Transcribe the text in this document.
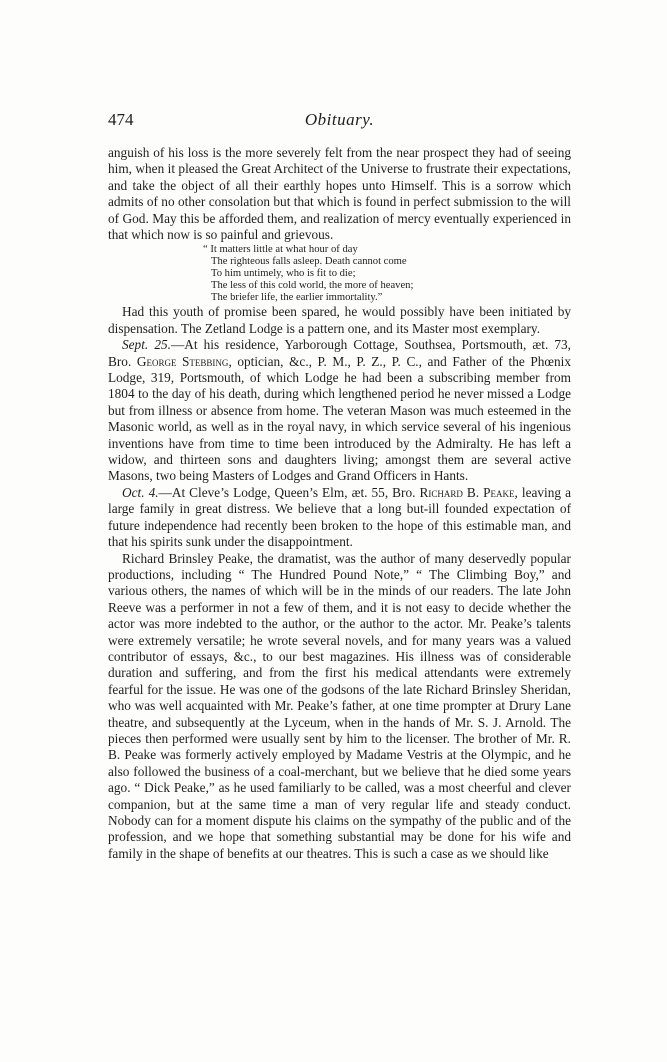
474	Obituary.

anguish of his loss is the more severely felt from the near prospect they had of seeing him, when it pleased the Great Architect of the Universe to frustrate their expectations, and take the object of all their earthly hopes unto Himself. This is a sorrow which admits of no other consolation but that which is found in perfect submission to the will of God. May this be afforded them, and realization of mercy eventually experienced in that which now is so painful and grievous.

“ It matters little at what hour of day
The righteous falls asleep. Death cannot come
To him untimely, who is fit to die;
The less of this cold world, the more of heaven;
The briefer life, the earlier immortality.”

Had this youth of promise been spared, he would possibly have been initiated by dispensation. The Zetland Lodge is a pattern one, and its Master most exemplary.

Sept. 25.—At his residence, Yarborough Cottage, Southsea, Portsmouth, æt. 73, Bro. George Stebbing, optician, &c., P. M., P. Z., P. C., and Father of the Phœnix Lodge, 319, Portsmouth, of which Lodge he had been a subscribing member from 1804 to the day of his death, during which lengthened period he never missed a Lodge but from illness or absence from home. The veteran Mason was much esteemed in the Masonic world, as well as in the royal navy, in which service several of his ingenious inventions have from time to time been introduced by the Admiralty. He has left a widow, and thirteen sons and daughters living; amongst them are several active Masons, two being Masters of Lodges and Grand Officers in Hants.

Oct. 4.—At Cleve’s Lodge, Queen’s Elm, æt. 55, Bro. Richard B. Peake, leaving a large family in great distress. We believe that a long but-ill founded expectation of future independence had recently been broken to the hope of this estimable man, and that his spirits sunk under the disappointment.

Richard Brinsley Peake, the dramatist, was the author of many deservedly popular productions, including “ The Hundred Pound Note,” “ The Climbing Boy,” and various others, the names of which will be in the minds of our readers. The late John Reeve was a performer in not a few of them, and it is not easy to decide whether the actor was more indebted to the author, or the author to the actor. Mr. Peake’s talents were extremely versatile; he wrote several novels, and for many years was a valued contributor of essays, &c., to our best magazines. His illness was of considerable duration and suffering, and from the first his medical attendants were extremely fearful for the issue. He was one of the godsons of the late Richard Brinsley Sheridan, who was well acquainted with Mr. Peake’s father, at one time prompter at Drury Lane theatre, and subsequently at the Lyceum, when in the hands of Mr. S. J. Arnold. The pieces then performed were usually sent by him to the licenser. The brother of Mr. R. B. Peake was formerly actively employed by Madame Vestris at the Olympic, and he also followed the business of a coal-merchant, but we believe that he died some years ago. “ Dick Peake,” as he used familiarly to be called, was a most cheerful and clever companion, but at the same time a man of very regular life and steady conduct. Nobody can for a moment dispute his claims on the sympathy of the public and of the profession, and we hope that something substantial may be done for his wife and family in the shape of benefits at our theatres. This is such a case as we should like
